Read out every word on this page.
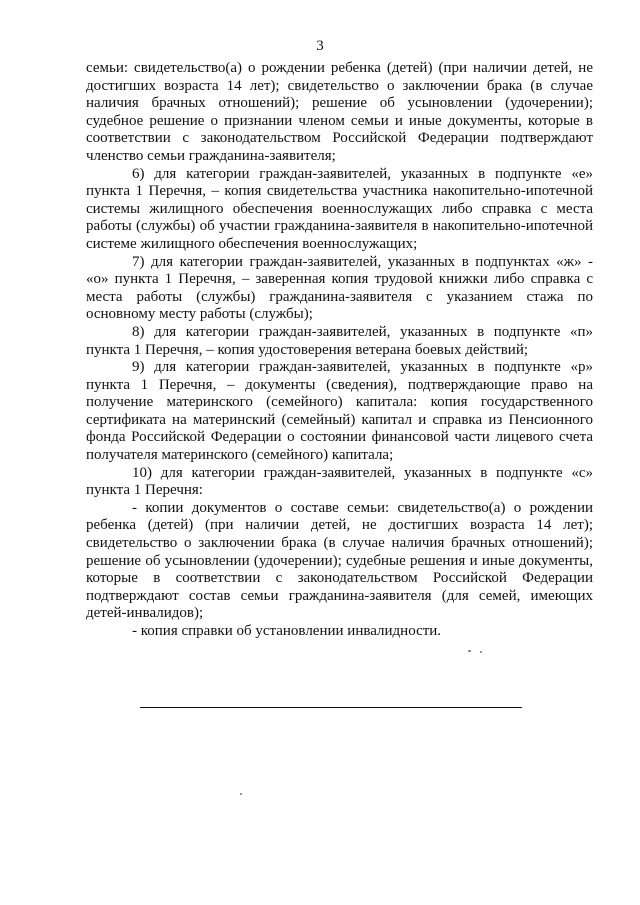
3

семьи: свидетельство(а) о рождении ребенка (детей) (при наличии детей, не достигших возраста 14 лет); свидетельство о заключении брака (в случае наличия брачных отношений); решение об усыновлении (удочерении); судебное решение о признании членом семьи и иные документы, которые в соответствии с законодательством Российской Федерации подтверждают членство семьи гражданина-заявителя;

6) для категории граждан-заявителей, указанных в подпункте «е» пункта 1 Перечня, – копия свидетельства участника накопительно-ипотечной системы жилищного обеспечения военнослужащих либо справка с места работы (службы) об участии гражданина-заявителя в накопительно-ипотечной системе жилищного обеспечения военнослужащих;

7) для категории граждан-заявителей, указанных в подпунктах «ж» - «о» пункта 1 Перечня, – заверенная копия трудовой книжки либо справка с места работы (службы) гражданина-заявителя с указанием стажа по основному месту работы (службы);

8) для категории граждан-заявителей, указанных в подпункте «п» пункта 1 Перечня, – копия удостоверения ветерана боевых действий;

9) для категории граждан-заявителей, указанных в подпункте «р» пункта 1 Перечня, – документы (сведения), подтверждающие право на получение материнского (семейного) капитала: копия государственного сертификата на материнский (семейный) капитал и справка из Пенсионного фонда Российской Федерации о состоянии финансовой части лицевого счета получателя материнского (семейного) капитала;

10) для категории граждан-заявителей, указанных в подпункте «с» пункта 1 Перечня:

- копии документов о составе семьи: свидетельство(а) о рождении ребенка (детей) (при наличии детей, не достигших возраста 14 лет); свидетельство о заключении брака (в случае наличия брачных отношений); решение об усыновлении (удочерении); судебные решения и иные документы, которые в соответствии с законодательством Российской Федерации подтверждают состав семьи гражданина-заявителя (для семей, имеющих детей-инвалидов);

- копия справки об установлении инвалидности.
